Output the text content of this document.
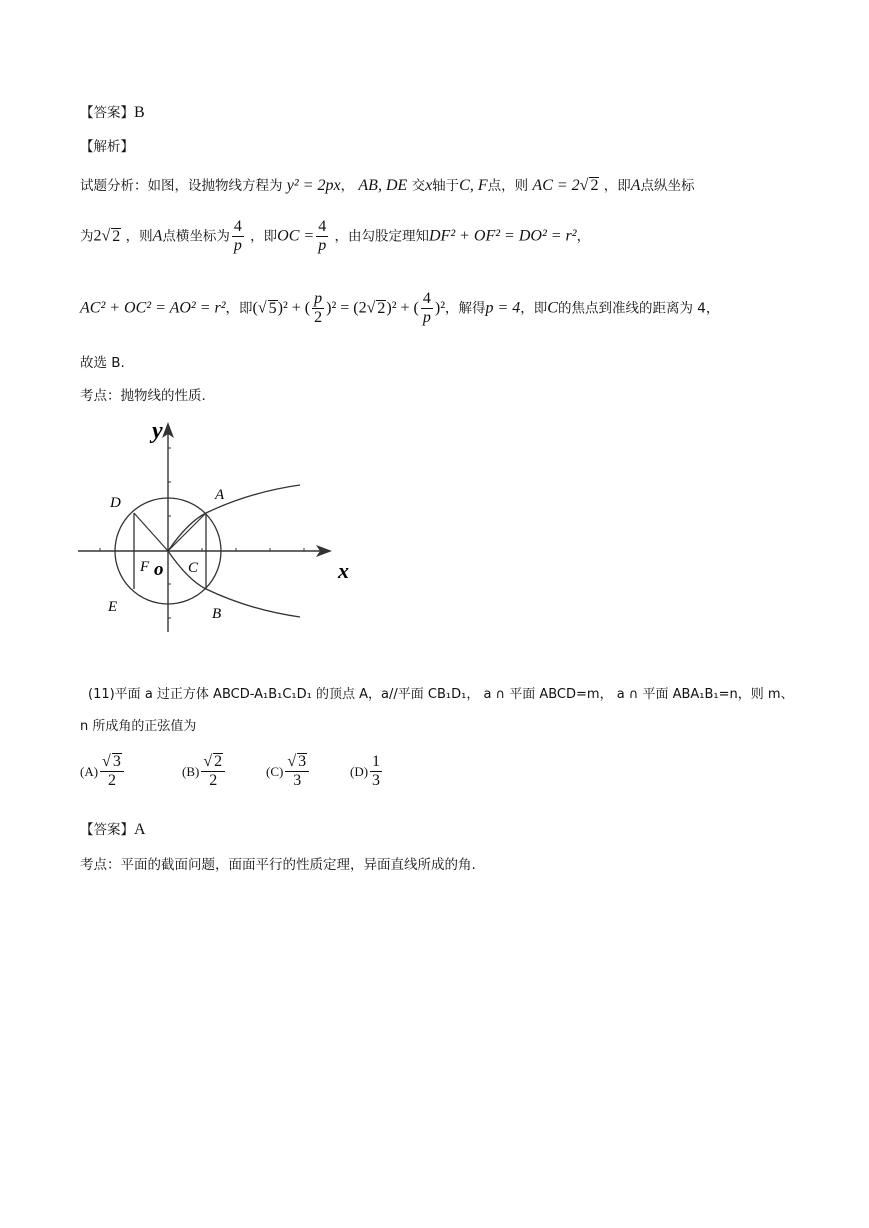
【答案】B
【解析】
试题分析：如图，设抛物线方程为 y² = 2px， AB, DE 交x轴于C, F点，则 AC = 2√ 2 ，即A点纵坐标
为2√ 2 ，则A点横坐标为 $\frac{4}{p}$ ，即OC = $\frac{4}{p}$ ，由勾股定理知DF² + OF² = DO² = r²，
AC² + OC² = AO² = r²，即(√ 5)² + ( $\frac{p}{2} )^2 = (2√$ 2)² + ( $\frac{4}{p} )^2$，解得p = 4，即C的焦点到准线的距离为 4，
故选 B.
考点：抛物线的性质.
y
x
o
A
B
C
D
E
F
(11)平面 a 过正方体 ABCD-A₁B₁C₁D₁ 的顶点 A，a//平面 CB₁D₁， a ∩ 平面 ABCD=m， a ∩ 平面 ABA₁B₁=n，则 m、
n 所成角的正弦值为
$(A) \frac{√ 3}{2}$	$(B) \frac{√ 2}{2}$	$(C) \frac{√ 3}{3}$	$(D) \frac{1}{3}$
【答案】A
考点：平面的截面问题，面面平行的性质定理，异面直线所成的角.
